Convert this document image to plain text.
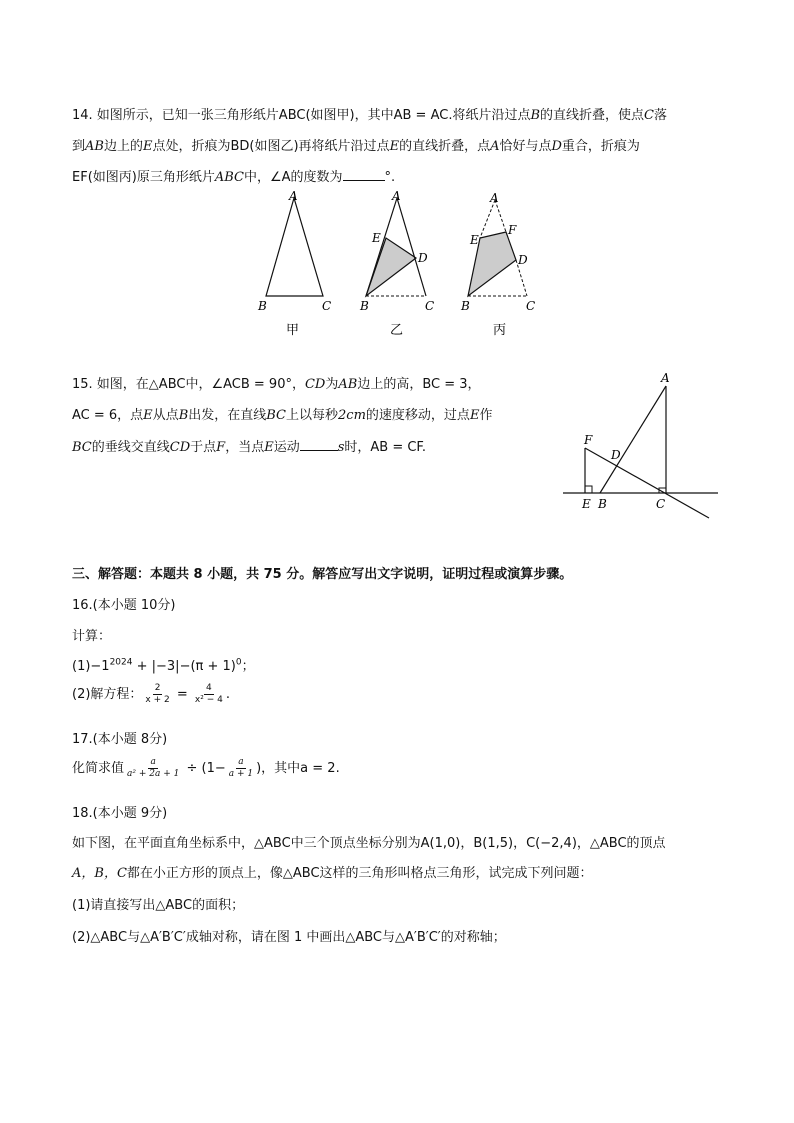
14. 如图所示，已知一张三角形纸片ABC(如图甲)，其中AB = AC.将纸片沿过点B的直线折叠，使点C落
到AB边上的E点处，折痕为BD(如图乙)再将纸片沿过点E的直线折叠，点A恰好与点D重合，折痕为
EF(如图丙)原三角形纸片ABC中，∠A的度数为	°.
A
B	C
甲
A
E
D
B	C
乙
A
E
F
D
B	C
丙
15. 如图，在△ABC中，∠ACB = 90°，CD为AB边上的高，BC = 3，
AC = 6，点E从点B出发，在直线BC上以每秒2cm的速度移动，过点E作
BC的垂线交直线CD于点F，当点E运动	s时，AB = CF.
A
F
D
E B	C
三、解答题：本题共 8 小题，共 75 分。解答应写出文字说明，证明过程或演算步骤。
16.(本小题 10分)
计算：
$(1)-1^{2024} + |-3|-(\pi + 1)^0$；
(2)解方程： $\frac{2}{x + 2} = \frac{4}{\text{x² − 4}}$ .
17.(本小题 8分)
化简求值 $\frac{a}{\text{a² + 2a + 1}} \div (1- \frac{a}{a + 1}$ )，其中a = 2.
18.(本小题 9分)
如下图，在平面直角坐标系中，△ABC中三个顶点坐标分别为A(1,0)，B(1,5)，C(−2,4)，△ABC的顶点
A，B，C都在小正方形的顶点上，像△ABC这样的三角形叫格点三角形，试完成下列问题：
(1)请直接写出△ABC的面积；
(2)△ABC与△A′B′C′成轴对称，请在图 1 中画出△ABC与△A′B′C′的对称轴；
